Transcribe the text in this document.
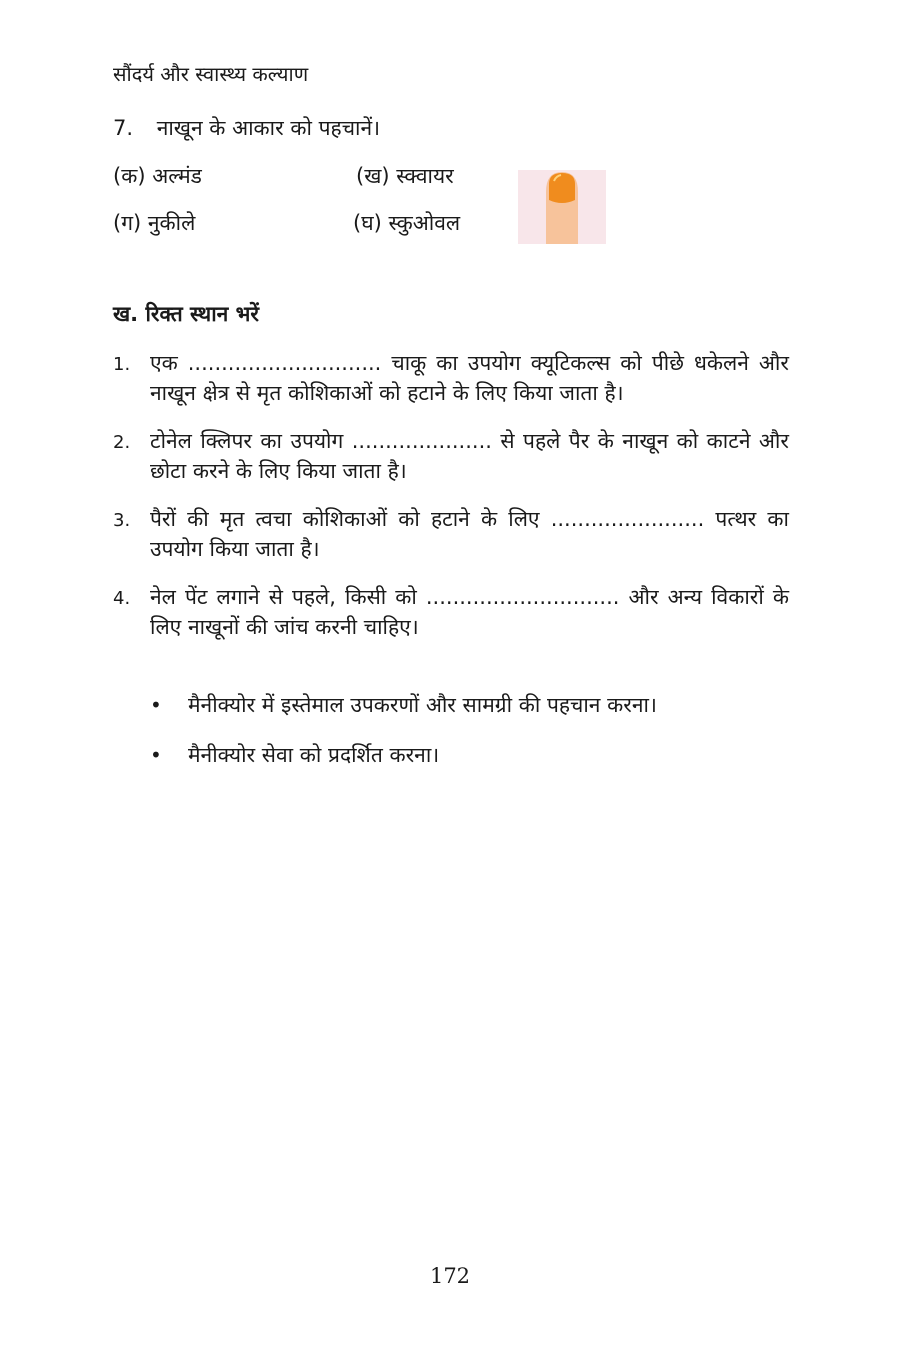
सौंदर्य और स्वास्थ्य कल्याण
7. नाखून के आकार को पहचानें।
(क) अल्मंड	(ख) स्क्वायर
(ग) नुकीले	(घ) स्कुओवल
ख. रिक्त स्थान भरें
1. एक ............................. चाकू का उपयोग क्यूटिकल्स को पीछे धकेलने और नाखून क्षेत्र से मृत कोशिकाओं को हटाने के लिए किया जाता है।
2. टोनेल क्लिपर का उपयोग ..................... से पहले पैर के नाखून को काटने और छोटा करने के लिए किया जाता है।
3. पैरों की मृत त्वचा कोशिकाओं को हटाने के लिए ....................... पत्थर का उपयोग किया जाता है।
4. नेल पेंट लगाने से पहले, किसी को ............................. और अन्य विकारों के लिए नाखूनों की जांच करनी चाहिए।
•	मैनीक्योर में इस्तेमाल उपकरणों और सामग्री की पहचान करना।
•	मैनीक्योर सेवा को प्रदर्शित करना।
172
